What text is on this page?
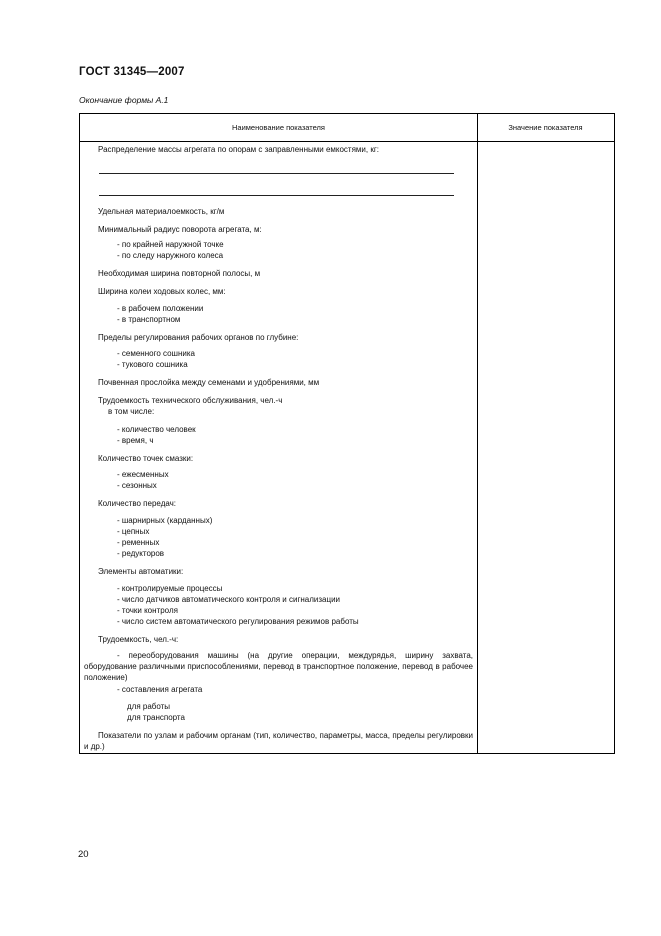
ГОСТ 31345—2007
Окончание формы А.1
Наименование показателя	Значение показателя
Распределение массы агрегата по опорам с заправленными емкостями, кг:
Удельная материалоемкость, кг/м
Минимальный радиус поворота агрегата, м:
- по крайней наружной точке
- по следу наружного колеса
Необходимая ширина повторной полосы, м
Ширина колеи ходовых колес, мм:
- в рабочем положении
- в транспортном
Пределы регулирования рабочих органов по глубине:
- семенного сошника
- тукового сошника
Почвенная прослойка между семенами и удобрениями, мм
Трудоемкость технического обслуживания, чел.-ч
в том числе:
- количество человек
- время, ч
Количество точек смазки:
- ежесменных
- сезонных
Количество передач:
- шарнирных (карданных)
- цепных
- ременных
- редукторов
Элементы автоматики:
- контролируемые процессы
- число датчиков автоматического контроля и сигнализации
- точки контроля
- число систем автоматического регулирования режимов работы
Трудоемкость, чел.-ч:
- переоборудования машины (на другие операции, междурядья, ширину захвата, оборудование различными приспособлениями, перевод в транспортное положение, перевод в рабочее положение)
- составления агрегата
для работы
для транспорта
Показатели по узлам и рабочим органам (тип, количество, параметры, масса, пределы регулировки и др.)
20
